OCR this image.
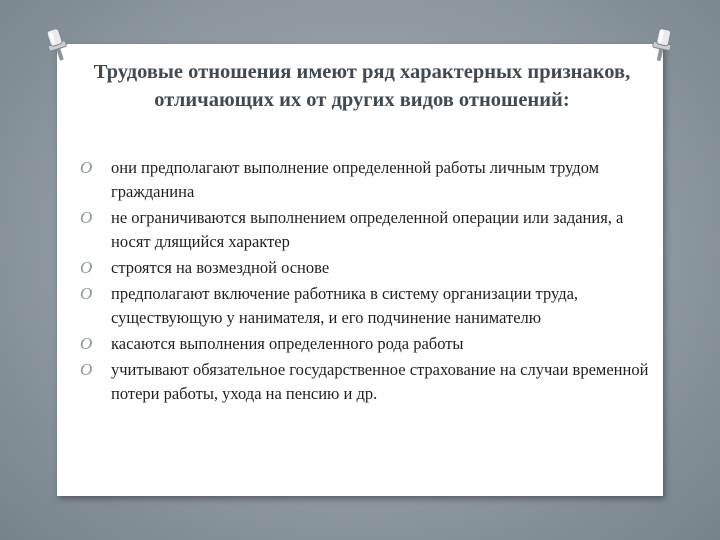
Трудовые отношения имеют ряд характерных признаков, отличающих их от других видов отношений:
O они предполагают выполнение определенной работы личным трудом гражданина
O не ограничиваются выполнением определенной операции или задания, а носят длящийся характер
O строятся на возмездной основе
O предполагают включение работника в систему организации труда, существующую у нанимателя, и его подчинение нанимателю
O касаются выполнения определенного рода работы
O учитывают обязательное государственное страхование на случаи временной потери работы, ухода на пенсию и др.
